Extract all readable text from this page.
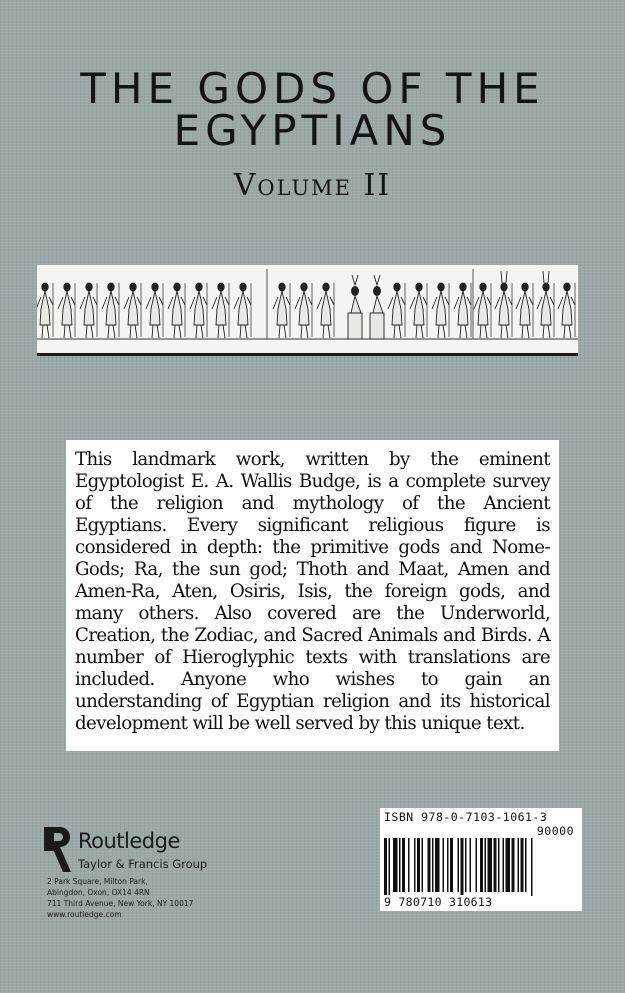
THE GODS OF THE
EGYPTIANS
Volume II

This landmark work, written by the eminent Egyptologist E. A. Wallis Budge, is a complete survey of the religion and mythology of the Ancient Egyptians. Every significant religious figure is considered in depth: the primitive gods and Nome-Gods; Ra, the sun god; Thoth and Maat, Amen and Amen-Ra, Aten, Osiris, Isis, the foreign gods, and many others. Also covered are the Underworld, Creation, the Zodiac, and Sacred Animals and Birds. A number of Hieroglyphic texts with translations are included. Anyone who wishes to gain an understanding of Egyptian religion and its historical development will be well served by this unique text.

Routledge
Taylor & Francis Group
2 Park Square, Milton Park,
Abingdon, Oxon, OX14 4RN
711 Third Avenue, New York, NY 10017
www.routledge.com
ISBN 978-0-7103-1061-3
90000
9 780710 310613
